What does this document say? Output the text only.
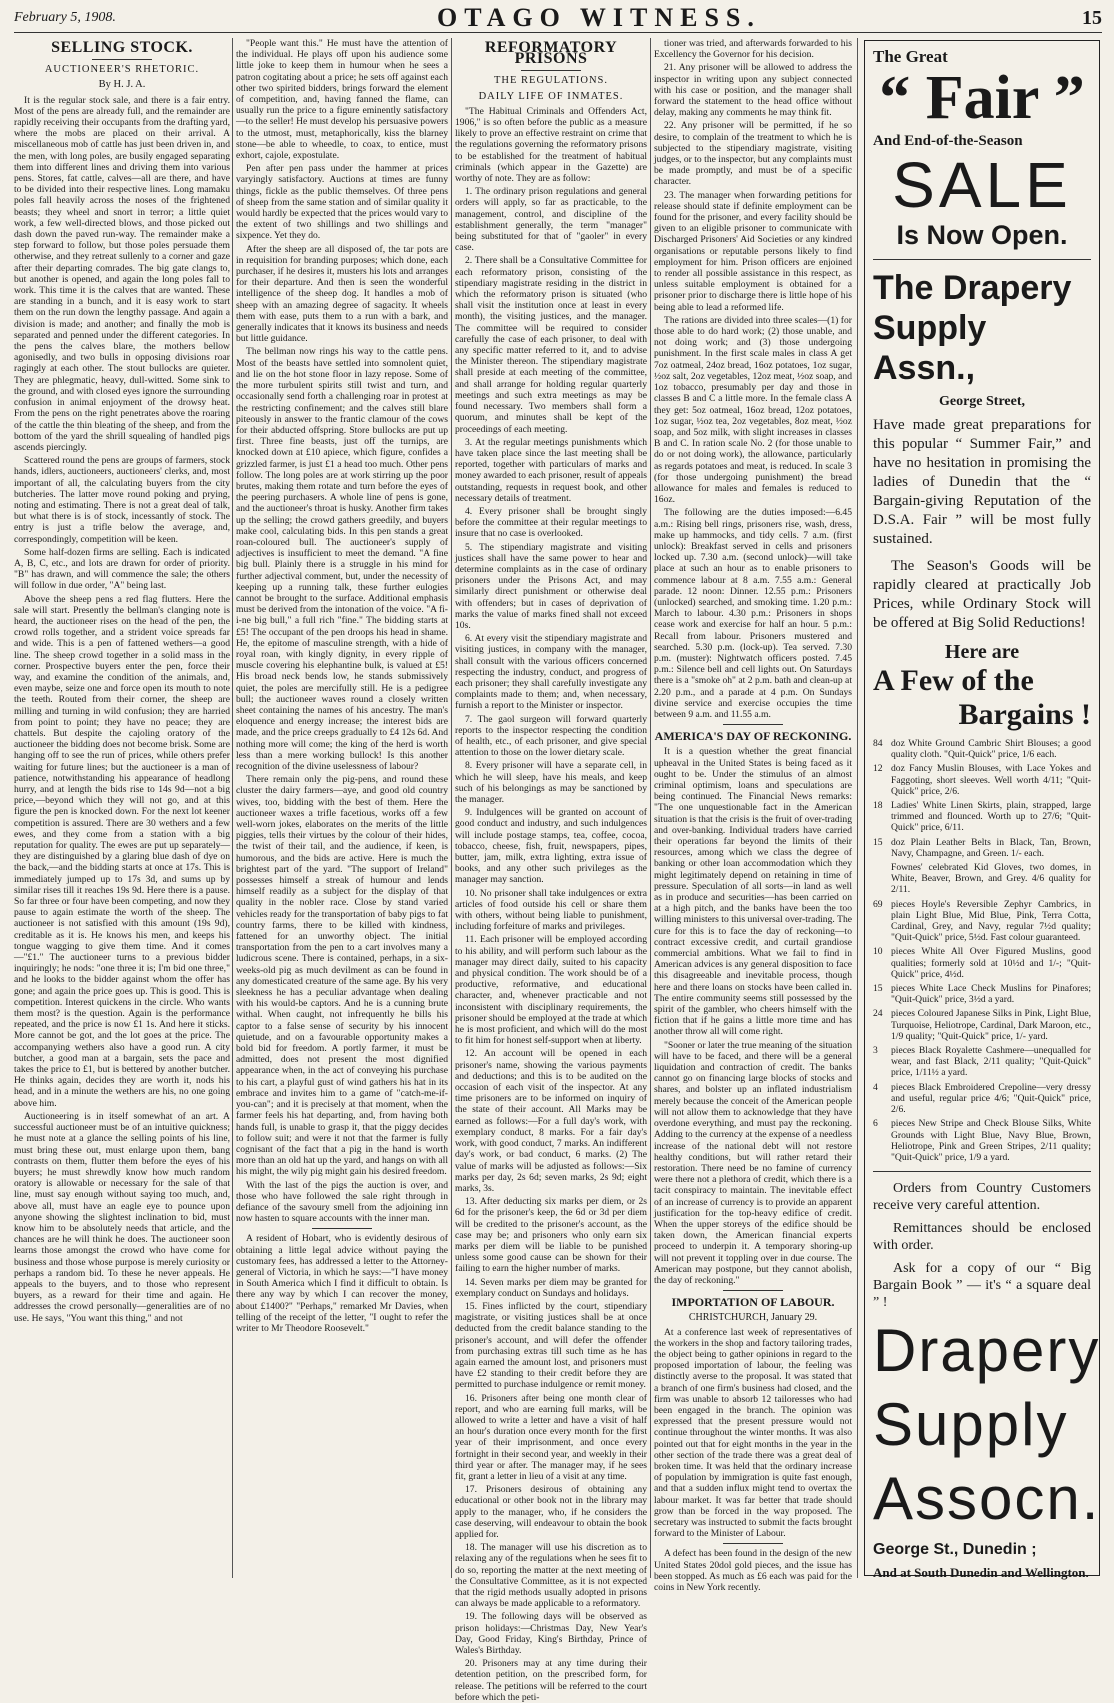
February 5, 1908.	OTAGO WITNESS.	15
SELLING STOCK.
AUCTIONEER'S RHETORIC.
By H. J. A.

It is the regular stock sale, and there is a fair entry. Most of the pens are already full, and the remainder are rapidly receiving their occupants from the drafting yard, where the mobs are placed on their arrival. A miscellaneous mob of cattle has just been driven in, and the men, with long poles, are busily engaged separating them into different lines and driving them into various pens. Stores, fat cattle, calves—all are there, and have to be divided into their respective lines. Long mamaku poles fall heavily across the noses of the frightened beasts; they wheel and snort in terror; a little quiet work, a few well-directed blows, and those picked out dash down the paved run-way. The remainder make a step forward to follow, but those poles persuade them otherwise, and they retreat sullenly to a corner and gaze after their departing comrades. The big gate clangs to, but another is opened, and again the long poles fall to work. This time it is the calves that are wanted. These are standing in a bunch, and it is easy work to start them on the run down the lengthy passage. And again a division is made; and another; and finally the mob is separated and penned under the different categories. In the pens the calves blare, the mothers bellow agonisedly, and two bulls in opposing divisions roar ragingly at each other. The stout bullocks are quieter. They are phlegmatic, heavy, dull-witted. Some sink to the ground, and with closed eyes ignore the surrounding confusion in animal enjoyment of the drowsy heat. From the pens on the right penetrates above the roaring of the cattle the thin bleating of the sheep, and from the bottom of the yard the shrill squealing of handled pigs ascends piercingly.

Scattered round the pens are groups of farmers, stock hands, idlers, auctioneers, auctioneers' clerks, and, most important of all, the calculating buyers from the city butcheries. The latter move round poking and prying, noting and estimating. There is not a great deal of talk, but what there is is of stock, incessantly of stock. The entry is just a trifle below the average, and, correspondingly, competition will be keen.

Some half-dozen firms are selling. Each is indicated A, B, C, etc., and lots are drawn for order of priority. "B" has drawn, and will commence the sale; the others will follow in due order, "A" being last.

Above the sheep pens a red flag flutters. Here the sale will start. Presently the bellman's clanging note is heard, the auctioneer rises on the head of the pen, the crowd rolls together, and a strident voice spreads far and wide. This is a pen of fattened wethers—a good line. The sheep crowd together in a solid mass in the corner. Prospective buyers enter the pen, force their way, and examine the condition of the animals, and, even maybe, seize one and force open its mouth to note the teeth. Routed from their corner, the sheep are milling and turning in wild confusion; they are harried from point to point; they have no peace; they are chattels. But despite the cajoling oratory of the auctioneer the bidding does not become brisk. Some are hanging off to see the run of prices, while others prefer waiting for future lines; but the auctioneer is a man of patience, notwithstanding his appearance of headlong hurry, and at length the bids rise to 14s 9d—not a big price,—beyond which they will not go, and at this figure the pen is knocked down. For the next lot keener competition is assured. There are 30 wethers and a few ewes, and they come from a station with a big reputation for quality. The ewes are put up separately—they are distinguished by a glaring blue dash of dye on the back,—and the bidding starts at once at 17s. This is immediately jumped up to 17s 3d, and sums up by similar rises till it reaches 19s 9d. Here there is a pause. So far three or four have been competing, and now they pause to again estimate the worth of the sheep. The auctioneer is not satisfied with this amount (19s 9d), creditable as it is. He knows his men, and keeps his tongue wagging to give them time. And it comes—"£1." The auctioneer turns to a previous bidder inquiringly; he nods: "one three it is; I'm bid one three," and he looks to the bidder against whom the offer has gone; and again the price goes up. This is good. This is competition. Interest quickens in the circle. Who wants them most? is the question. Again is the performance repeated, and the price is now £1 1s. And here it sticks. More cannot be got, and the lot goes at the price. The accompanying wethers also have a good run. A city butcher, a good man at a bargain, sets the pace and takes the price to £1, but is bettered by another butcher. He thinks again, decides they are worth it, nods his head, and in a minute the wethers are his, no one going above him.

Auctioneering is in itself somewhat of an art. A successful auctioneer must be of an intuitive quickness; he must note at a glance the selling points of his line, must bring these out, must enlarge upon them, bang contrasts on them, flutter them before the eyes of his buyers; he must shrewdly know how much random oratory is allowable or necessary for the sale of that line, must say enough without saying too much, and, above all, must have an eagle eye to pounce upon anyone showing the slightest inclination to bid, must know him to be absolutely needs that article, and the chances are he will think he does. The auctioneer soon learns those amongst the crowd who have come for business and those whose purpose is merely curiosity or perhaps a random bid. To these he never appeals. He appeals to the buyers, and to those who represent buyers, as a reward for their time and again. He addresses the crowd personally—generalities are of no use. He says, "You want this thing," and not

"People want this." He must have the attention of the individual. He plays off upon his audience some little joke to keep them in humour when he sees a patron cogitating about a price; he sets off against each other two spirited bidders, brings forward the element of competition, and, having fanned the flame, can usually run the price to a figure eminently satisfactory—to the seller! He must develop his persuasive powers to the utmost, must, metaphorically, kiss the blarney stone—be able to wheedle, to coax, to entice, must exhort, cajole, expostulate.

Pen after pen pass under the hammer at prices varyingly satisfactory. Auctions at times are funny things, fickle as the public themselves. Of three pens of sheep from the same station and of similar quality it would hardly be expected that the prices would vary to the extent of two shillings and two shillings and sixpence. Yet they do.

After the sheep are all disposed of, the tar pots are in requisition for branding purposes; which done, each purchaser, if he desires it, musters his lots and arranges for their departure. And then is seen the wonderful intelligence of the sheep dog. It handles a mob of sheep with an amazing degree of sagacity. It wheels them with ease, puts them to a run with a bark, and generally indicates that it knows its business and needs but little guidance.

The bellman now rings his way to the cattle pens. Most of the beasts have settled into somnolent quiet, and lie on the hot stone floor in lazy repose. Some of the more turbulent spirits still twist and turn, and occasionally send forth a challenging roar in protest at the restricting confinement; and the calves still blare piteously in answer to the frantic clamour of the cows for their abducted offspring. Store bullocks are put up first. Three fine beasts, just off the turnips, are knocked down at £10 apiece, which figure, confides a grizzled farmer, is just £1 a head too much. Other pens follow. The long poles are at work stirring up the poor brutes, making them rotate and turn before the eyes of the peering purchasers. A whole line of pens is gone, and the auctioneer's throat is husky. Another firm takes up the selling; the crowd gathers greedily, and buyers make cool, calculating bids. In this pen stands a great roan-coloured bull. The auctioneer's supply of adjectives is insufficient to meet the demand. "A fine big bull. Plainly there is a struggle in his mind for further adjectival comment, but, under the necessity of keeping up a running talk, these further eulogies cannot be brought to the surface. Additional emphasis must be derived from the intonation of the voice. "A fi-i-ne big bull," a full rich "fine." The bidding starts at £5! The occupant of the pen droops his head in shame. He, the epitome of masculine strength, with a hide of royal roan, with kingly dignity, in every ripple of muscle covering his elephantine bulk, is valued at £5! His broad neck bends low, he stands submissively quiet, the poles are mercifully still. He is a pedigree bull; the auctioneer waves round a closely written sheet containing the names of his ancestry. The man's eloquence and energy increase; the interest bids are made, and the price creeps gradually to £4 12s 6d. And nothing more will come; the king of the herd is worth less than a mere working bullock! Is this another recognition of the divine uselessness of labour?

There remain only the pig-pens, and round these cluster the dairy farmers—aye, and good old country wives, too, bidding with the best of them. Here the auctioneer waxes a trifle facetious, works off a few well-worn jokes, elaborates on the merits of the little piggies, tells their virtues by the colour of their hides, the twist of their tail, and the audience, if keen, is humorous, and the bids are active. Here is much the brightest part of the yard. "The support of Ireland" possesses himself a streak of humour and lends himself readily as a subject for the display of that quality in the nobler race. Close by stand varied vehicles ready for the transportation of baby pigs to fat country farms, there to be killed with kindness, fattened for an unworthy object. The initial transportation from the pen to a cart involves many a ludicrous scene. There is contained, perhaps, in a six-weeks-old pig as much devilment as can be found in any domesticated creature of the same age. By his very sleekness he has a peculiar advantage when dealing with his would-be captors. And he is a cunning brute withal. When caught, not infrequently he bills his captor to a false sense of security by his innocent quietude, and on a favourable opportunity makes a bold bid for freedom. A portly farmer, it must be admitted, does not present the most dignified appearance when, in the act of conveying his purchase to his cart, a playful gust of wind gathers his hat in its embrace and invites him to a game of "catch-me-if-you-can"; and it is precisely at that moment, when the farmer feels his hat departing, and, from having both hands full, is unable to grasp it, that the piggy decides to follow suit; and were it not that the farmer is fully cognisant of the fact that a pig in the hand is worth more than an old hat up the yard, and hangs on with all his might, the wily pig might gain his desired freedom.

With the last of the pigs the auction is over, and those who have followed the sale right through in defiance of the savoury smell from the adjoining inn now hasten to square accounts with the inner man.

A resident of Hobart, who is evidently desirous of obtaining a little legal advice without paying the customary fees, has addressed a letter to the Attorney-general of Victoria, in which he says:—"I have money in South America which I find it difficult to obtain. Is there any way by which I can recover the money, about £1400?" "Perhaps," remarked Mr Davies, when telling of the receipt of the letter, "I ought to refer the writer to Mr Theodore Roosevelt."

REFORMATORY PRISONS
THE REGULATIONS.
DAILY LIFE OF INMATES.

"The Habitual Criminals and Offenders Act, 1906," is so often before the public as a measure likely to prove an effective restraint on crime that the regulations governing the reformatory prisons to be established for the treatment of habitual criminals (which appear in the Gazette) are worthy of note. They are as follow:

1. The ordinary prison regulations and general orders will apply, so far as practicable, to the management, control, and discipline of the establishment generally, the term "manager" being substituted for that of "gaoler" in every case.

2. There shall be a Consultative Committee for each reformatory prison, consisting of the stipendiary magistrate residing in the district in which the reformatory prison is situated (who shall visit the institution once at least in every month), the visiting justices, and the manager. The committee will be required to consider carefully the case of each prisoner, to deal with any specific matter referred to it, and to advise the Minister thereon. The stipendiary magistrate shall preside at each meeting of the committee, and shall arrange for holding regular quarterly meetings and such extra meetings as may be found necessary. Two members shall form a quorum, and minutes shall be kept of the proceedings of each meeting.

3. At the regular meetings punishments which have taken place since the last meeting shall be reported, together with particulars of marks and money awarded to each prisoner, result of appeals outstanding, requests in request book, and other necessary details of treatment.

4. Every prisoner shall be brought singly before the committee at their regular meetings to insure that no case is overlooked.

5. The stipendiary magistrate and visiting justices shall have the same power to hear and determine complaints as in the case of ordinary prisoners under the Prisons Act, and may similarly direct punishment or otherwise deal with offenders; but in cases of deprivation of marks the value of marks fined shall not exceed 10s.

6. At every visit the stipendiary magistrate and visiting justices, in company with the manager, shall consult with the various officers concerned respecting the industry, conduct, and progress of each prisoner; they shall carefully investigate any complaints made to them; and, when necessary, furnish a report to the Minister or inspector.

7. The gaol surgeon will forward quarterly reports to the inspector respecting the condition of health, etc., of each prisoner, and give special attention to those on the lower dietary scale.

8. Every prisoner will have a separate cell, in which he will sleep, have his meals, and keep such of his belongings as may be sanctioned by the manager.

9. Indulgences will be granted on account of good conduct and industry, and such indulgences will include postage stamps, tea, coffee, cocoa, tobacco, cheese, fish, fruit, newspapers, pipes, butter, jam, milk, extra lighting, extra issue of books, and any other such privileges as the manager may sanction.

10. No prisoner shall take indulgences or extra articles of food outside his cell or share them with others, without being liable to punishment, including forfeiture of marks and privileges.

11. Each prisoner will be employed according to his ability, and will perform such labour as the manager may direct daily, suited to his capacity and physical condition. The work should be of a productive, reformative, and educational character, and, whenever practicable and not inconsistent with disciplinary requirements, the prisoner should be employed at the trade at which he is most proficient, and which will do the most to fit him for honest self-support when at liberty.

12. An account will be opened in each prisoner's name, showing the various payments and deductions; and this is to be audited on the occasion of each visit of the inspector. At any time prisoners are to be informed on inquiry of the state of their account. All Marks may be earned as follows:—For a full day's work, with exemplary conduct, 8 marks. For a fair day's work, with good conduct, 7 marks. An indifferent day's work, or bad conduct, 6 marks. (2) The value of marks will be adjusted as follows:—Six marks per day, 2s 6d; seven marks, 2s 9d; eight marks, 3s.

13. After deducting six marks per diem, or 2s 6d for the prisoner's keep, the 6d or 3d per diem will be credited to the prisoner's account, as the case may be; and prisoners who only earn six marks per diem will be liable to be punished unless some good cause can be shown for their failing to earn the higher number of marks.

14. Seven marks per diem may be granted for exemplary conduct on Sundays and holidays.

15. Fines inflicted by the court, stipendiary magistrate, or visiting justices shall be at once deducted from the credit balance standing to the prisoner's account, and will defer the offender from purchasing extras till such time as he has again earned the amount lost, and prisoners must have £2 standing to their credit before they are permitted to purchase indulgence or remit money.

16. Prisoners after being one month clear of report, and who are earning full marks, will be allowed to write a letter and have a visit of half an hour's duration once every month for the first year of their imprisonment, and once every fortnight in their second year, and weekly in their third year or after. The manager may, if he sees fit, grant a letter in lieu of a visit at any time.

17. Prisoners desirous of obtaining any educational or other book not in the library may apply to the manager, who, if he considers the case deserving, will endeavour to obtain the book applied for.

18. The manager will use his discretion as to relaxing any of the regulations when he sees fit to do so, reporting the matter at the next meeting of the Consultative Committee, as it is not expected that the rigid methods usually adopted in prisons can always be made applicable to a reformatory.

19. The following days will be observed as prison holidays:—Christmas Day, New Year's Day, Good Friday, King's Birthday, Prince of Wales's Birthday.

20. Prisoners may at any time during their detention petition, on the prescribed form, for release. The petitions will be referred to the court before which the peti-

tioner was tried, and afterwards forwarded to his Excellency the Governor for his decision.

21. Any prisoner will be allowed to address the inspector in writing upon any subject connected with his case or position, and the manager shall forward the statement to the head office without delay, making any comments he may think fit.

22. Any prisoner will be permitted, if he so desire, to complain of the treatment to which he is subjected to the stipendiary magistrate, visiting judges, or to the inspector, but any complaints must be made promptly, and must be of a specific character.

23. The manager when forwarding petitions for release should state if definite employment can be found for the prisoner, and every facility should be given to an eligible prisoner to communicate with Discharged Prisoners' Aid Societies or any kindred organisations or reputable persons likely to find employment for him. Prison officers are enjoined to render all possible assistance in this respect, as unless suitable employment is obtained for a prisoner prior to discharge there is little hope of his being able to lead a reformed life.

The rations are divided into three scales—(1) for those able to do hard work; (2) those unable, and not doing work; and (3) those undergoing punishment. In the first scale males in class A get 7oz oatmeal, 24oz bread, 16oz potatoes, 1oz sugar, ½oz salt, 2oz vegetables, 12oz meat, ½oz soap, and 1oz tobacco, presumably per day and those in classes B and C a little more. In the female class A they get: 5oz oatmeal, 16oz bread, 12oz potatoes, 1oz sugar, ½oz tea, 2oz vegetables, 8oz meat, ½oz soap, and 5oz milk, with slight increases in classes B and C. In ration scale No. 2 (for those unable to do or not doing work), the allowance, particularly as regards potatoes and meat, is reduced. In scale 3 (for those undergoing punishment) the bread allowance for males and females is reduced to 16oz.

The following are the duties imposed:—6.45 a.m.: Rising bell rings, prisoners rise, wash, dress, make up hammocks, and tidy cells. 7 a.m. (first unlock): Breakfast served in cells and prisoners locked up. 7.30 a.m. (second unlock)—will take place at such an hour as to enable prisoners to commence labour at 8 a.m. 7.55 a.m.: General parade. 12 noon: Dinner. 12.55 p.m.: Prisoners (unlocked) searched, and smoking time. 1.20 p.m.: March to labour. 4.30 p.m.: Prisoners in shops cease work and exercise for half an hour. 5 p.m.: Recall from labour. Prisoners mustered and searched. 5.30 p.m. (lock-up). Tea served. 7.30 p.m. (muster): Nightwatch officers posted. 7.45 p.m.: Silence bell and cell lights out. On Saturdays there is a "smoke oh" at 2 p.m. bath and clean-up at 2.20 p.m., and a parade at 4 p.m. On Sundays divine service and exercise occupies the time between 9 a.m. and 11.55 a.m.

AMERICA'S DAY OF RECKONING.

It is a question whether the great financial upheaval in the United States is being faced as it ought to be. Under the stimulus of an almost criminal optimism, loans and speculations are being continued. The Financial News remarks: "The one unquestionable fact in the American situation is that the crisis is the fruit of over-trading and over-banking. Individual traders have carried their operations far beyond the limits of their resources, among which we class the degree of banking or other loan accommodation which they might legitimately depend on retaining in time of pressure. Speculation of all sorts—in land as well as in produce and securities—has been carried on at a high pitch, and the banks have been the too willing ministers to this universal over-trading. The cure for this is to face the day of reckoning—to contract excessive credit, and curtail grandiose commercial ambitions. What we fail to find in American advices is any general disposition to face this disagreeable and inevitable process, though here and there loans on stocks have been called in. The entire community seems still possessed by the spirit of the gambler, who cheers himself with the fiction that if he gains a little more time and has another throw all will come right.

"Sooner or later the true meaning of the situation will have to be faced, and there will be a general liquidation and contraction of credit. The banks cannot go on financing large blocks of stocks and shares, and bolster up an inflated industrialism merely because the conceit of the American people will not allow them to acknowledge that they have overdone everything, and must pay the reckoning. Adding to the currency at the expense of a needless increase of the national debt will not restore healthy conditions, but will rather retard their restoration. There need be no famine of currency were there not a plethora of credit, which there is a tacit conspiracy to maintain. The inevitable effect of an increase of currency is to provide an apparent justification for the top-heavy edifice of credit. When the upper storeys of the edifice should be taken down, the American financial experts proceed to underpin it. A temporary shoring-up will not prevent it toppling over in due course. The American may postpone, but they cannot abolish, the day of reckoning."

IMPORTATION OF LABOUR.
CHRISTCHURCH, January 29.

At a conference last week of representatives of the workers in the shop and factory tailoring trades, the object being to gather opinions in regard to the proposed importation of labour, the feeling was distinctly averse to the proposal. It was stated that a branch of one firm's business had closed, and the firm was unable to absorb 12 tailoresses who had been engaged in the branch. The opinion was expressed that the present pressure would not continue throughout the winter months. It was also pointed out that for eight months in the year in the other section of the trade there was a great deal of broken time. It was held that the ordinary increase of population by immigration is quite fast enough, and that a sudden influx might tend to overtax the labour market. It was far better that trade should grow than be forced in the way proposed. The secretary was instructed to submit the facts brought forward to the Minister of Labour.

A defect has been found in the design of the new United States 20dol gold pieces, and the issue has been stopped. As much as £6 each was paid for the coins in New York recently.

The Great
“ Fair ”
And End-of-the-Season
SALE
Is Now Open.
The Drapery
Supply Assn.,
George Street,
Have made great preparations for this popular “ Summer Fair,” and have no hesitation in promising the ladies of Dunedin that the “ Bargain-giving Reputation of the D.S.A. Fair ” will be most fully sustained.
The Season's Goods will be rapidly cleared at practically Job Prices, while Ordinary Stock will be offered at Big Solid Reductions!
Here are
A Few of the
Bargains !
84 doz White Ground Cambric Shirt Blouses; a good quality cloth. "Quit-Quick" price, 1/6 each.
12 doz Fancy Muslin Blouses, with Lace Yokes and Faggoting, short sleeves. Well worth 4/11; "Quit-Quick" price, 2/6.
18 Ladies' White Linen Skirts, plain, strapped, large trimmed and flounced. Worth up to 27/6; "Quit-Quick" price, 6/11.
15 doz Plain Leather Belts in Black, Tan, Brown, Navy, Champagne, and Green. 1/- each.
Fownes' celebrated Kid Gloves, two domes, in White, Beaver, Brown, and Grey. 4/6 quality for 2/11.
69 pieces Hoyle's Reversible Zephyr Cambrics, in plain Light Blue, Mid Blue, Pink, Terra Cotta, Cardinal, Grey, and Navy, regular 7½d quality; "Quit-Quick" price, 5½d. Fast colour guaranteed.
10 pieces White All Over Figured Muslins, good qualities; formerly sold at 10½d and 1/-; "Quit-Quick" price, 4½d.
15 pieces White Lace Check Muslins for Pinafores; "Quit-Quick" price, 3½d a yard.
24 pieces Coloured Japanese Silks in Pink, Light Blue, Turquoise, Heliotrope, Cardinal, Dark Maroon, etc., 1/9 quality; "Quit-Quick" price, 1/- yard.
3	pieces Black Royalette Cashmere—unequalled for wear, and fast Black, 2/11 quality; "Quit-Quick" price, 1/11½ a yard.
4	pieces Black Embroidered Crepoline—very dressy and useful, regular price 4/6; "Quit-Quick" price, 2/6.
6	pieces New Stripe and Check Blouse Silks, White Grounds with Light Blue, Navy Blue, Brown, Heliotrope, Pink and Green Stripes, 2/11 quality; "Quit-Quick" price, 1/9 a yard.
Orders from Country Customers receive very careful attention.
Remittances should be enclosed with order.
Ask for a copy of our “ Big Bargain Book ” — it's “ a square deal ” !
Drapery
Supply
Assocn.
George St., Dunedin ;
And at South Dunedin and Wellington.
